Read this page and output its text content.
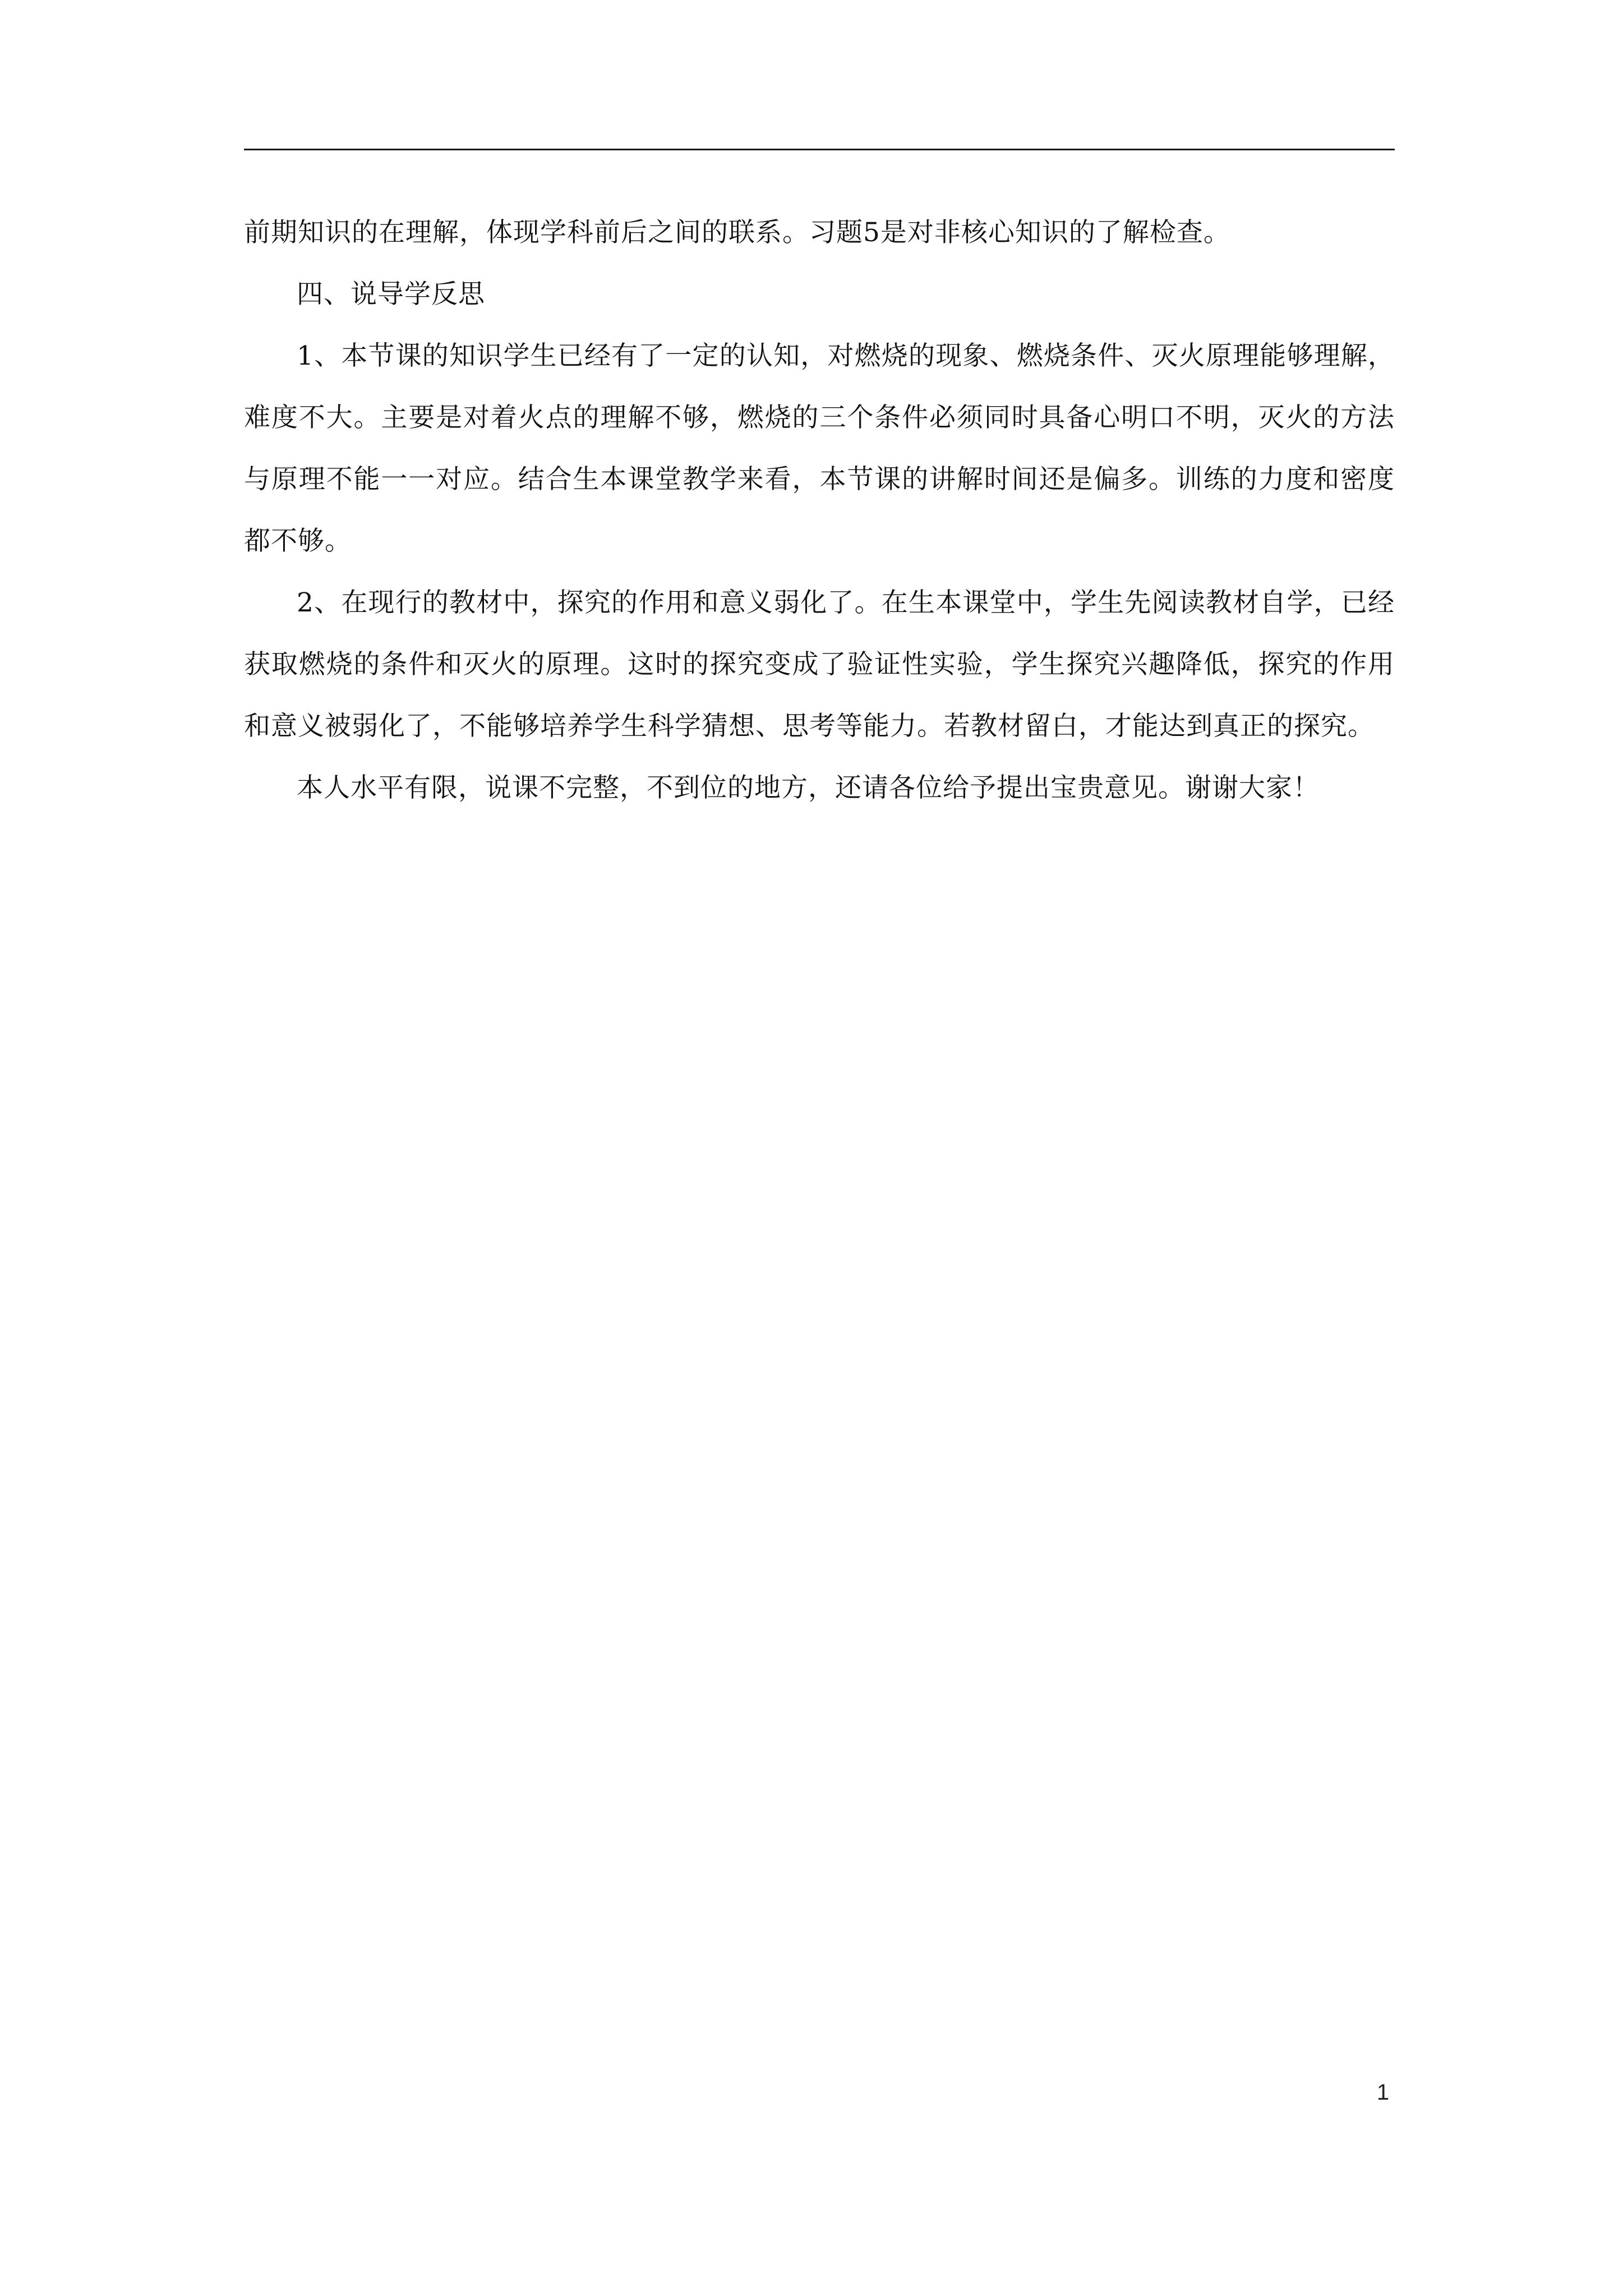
前期知识的在理解，体现学科前后之间的联系。习题5是对非核心知识的了解检查。

四、说导学反思

1、本节课的知识学生已经有了一定的认知，对燃烧的现象、燃烧条件、灭火原理能够理解，难度不大。主要是对着火点的理解不够，燃烧的三个条件必须同时具备心明口不明，灭火的方法与原理不能一一对应。结合生本课堂教学来看，本节课的讲解时间还是偏多。训练的力度和密度都不够。

2、在现行的教材中，探究的作用和意义弱化了。在生本课堂中，学生先阅读教材自学，已经获取燃烧的条件和灭火的原理。这时的探究变成了验证性实验，学生探究兴趣降低，探究的作用和意义被弱化了，不能够培养学生科学猜想、思考等能力。若教材留白，才能达到真正的探究。

本人水平有限，说课不完整，不到位的地方，还请各位给予提出宝贵意见。谢谢大家！

1
